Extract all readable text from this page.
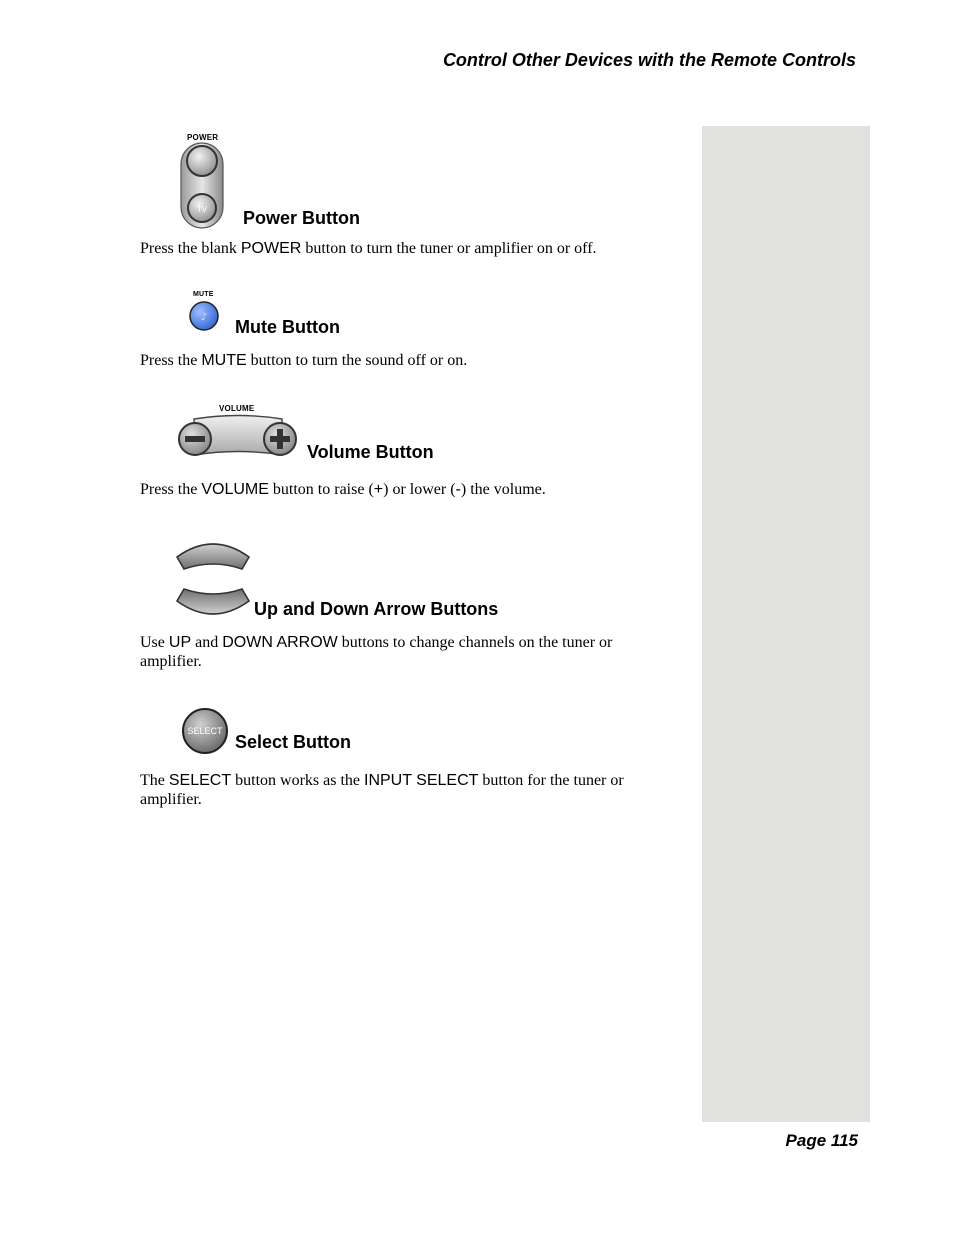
Control Other Devices with the Remote Controls
POWER
TV Power Button
Press the blank POWER button to turn the tuner or amplifier on or off.
MUTE
♪ Mute Button
Press the MUTE button to turn the sound off or on.
VOLUME
Volume Button
Press the VOLUME button to raise (+) or lower (-) the volume.
Up and Down Arrow Buttons
Use UP and DOWN ARROW buttons to change channels on the tuner or amplifier.
SELECT
Select Button
The SELECT button works as the INPUT SELECT button for the tuner or amplifier.
Page 115
